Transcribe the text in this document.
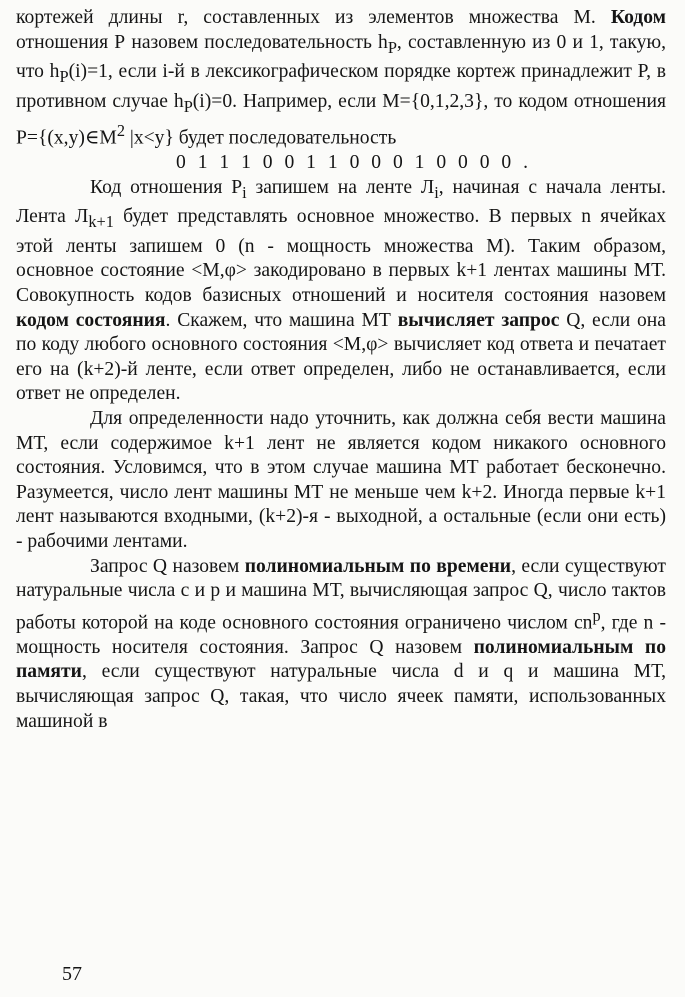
кортежей длины r, составленных из элементов множества М. Кодом отношения Р назовем последовательность $h_P$, составленную из 0 и 1, такую, что $h_P(i)=1$, если i-й в лексикографическом порядке кортеж принадлежит Р, в противном случае $h_P(i)=0$. Например, если М={0,1,2,3}, то кодом отношения $Р=\{(x,y)\in М^2$ |x<y} будет последовательность

0 1 1 1 0 0 1 1 0 0 0 1 0 0 0 0 .

Код отношения $Р_i$ запишем на ленте $Л_i$, начиная с начала ленты. Лента $Л_{k+1}$ будет представлять основное множество. В первых n ячейках этой ленты запишем 0 (n - мощность множества М). Таким образом, основное состояние <М,φ> закодировано в первых k+1 лентах машины МТ. Совокупность кодов базисных отношений и носителя состояния назовем кодом состояния. Скажем, что машина МТ вычисляет запрос Q, если она по коду любого основного состояния <М,φ> вычисляет код ответа и печатает его на (k+2)-й ленте, если ответ определен, либо не останавливается, если ответ не определен.

Для определенности надо уточнить, как должна себя вести машина МТ, если содержимое k+1 лент не является кодом никакого основного состояния. Условимся, что в этом случае машина МТ работает бесконечно. Разумеется, число лент машины МТ не меньше чем k+2. Иногда первые k+1 лент называются входными, (k+2)-я - выходной, а остальные (если они есть) - рабочими лентами.

Запрос Q назовем полиномиальным по времени, если существуют натуральные числа c и p и машина МТ, вычисляющая запрос Q, число тактов работы которой на коде основного состояния ограничено числом $cn^p$, где n - мощность носителя состояния. Запрос Q назовем полиномиальным по памяти, если существуют натуральные числа d и q и машина МТ, вычисляющая запрос Q, такая, что число ячеек памяти, использованных машиной в

57
